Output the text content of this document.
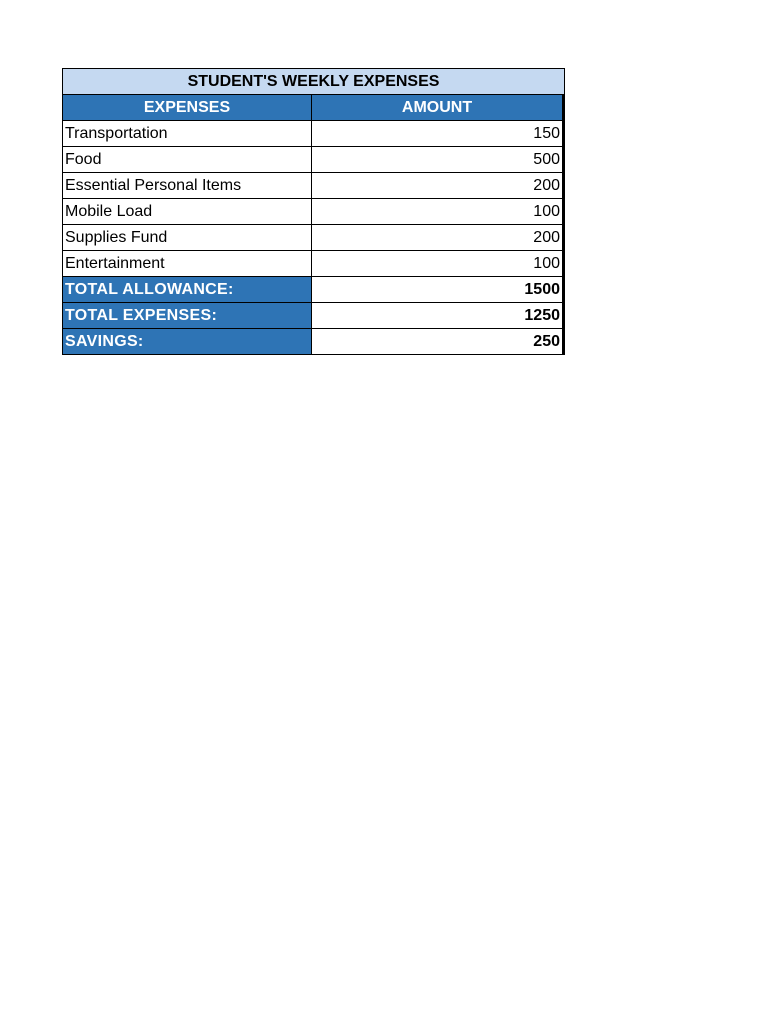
STUDENT'S WEEKLY EXPENSES
EXPENSES	AMOUNT
Transportation	150
Food	500
Essential Personal Items	200
Mobile Load	100
Supplies Fund	200
Entertainment	100
TOTAL ALLOWANCE:	1500
TOTAL EXPENSES:	1250
SAVINGS:	250
